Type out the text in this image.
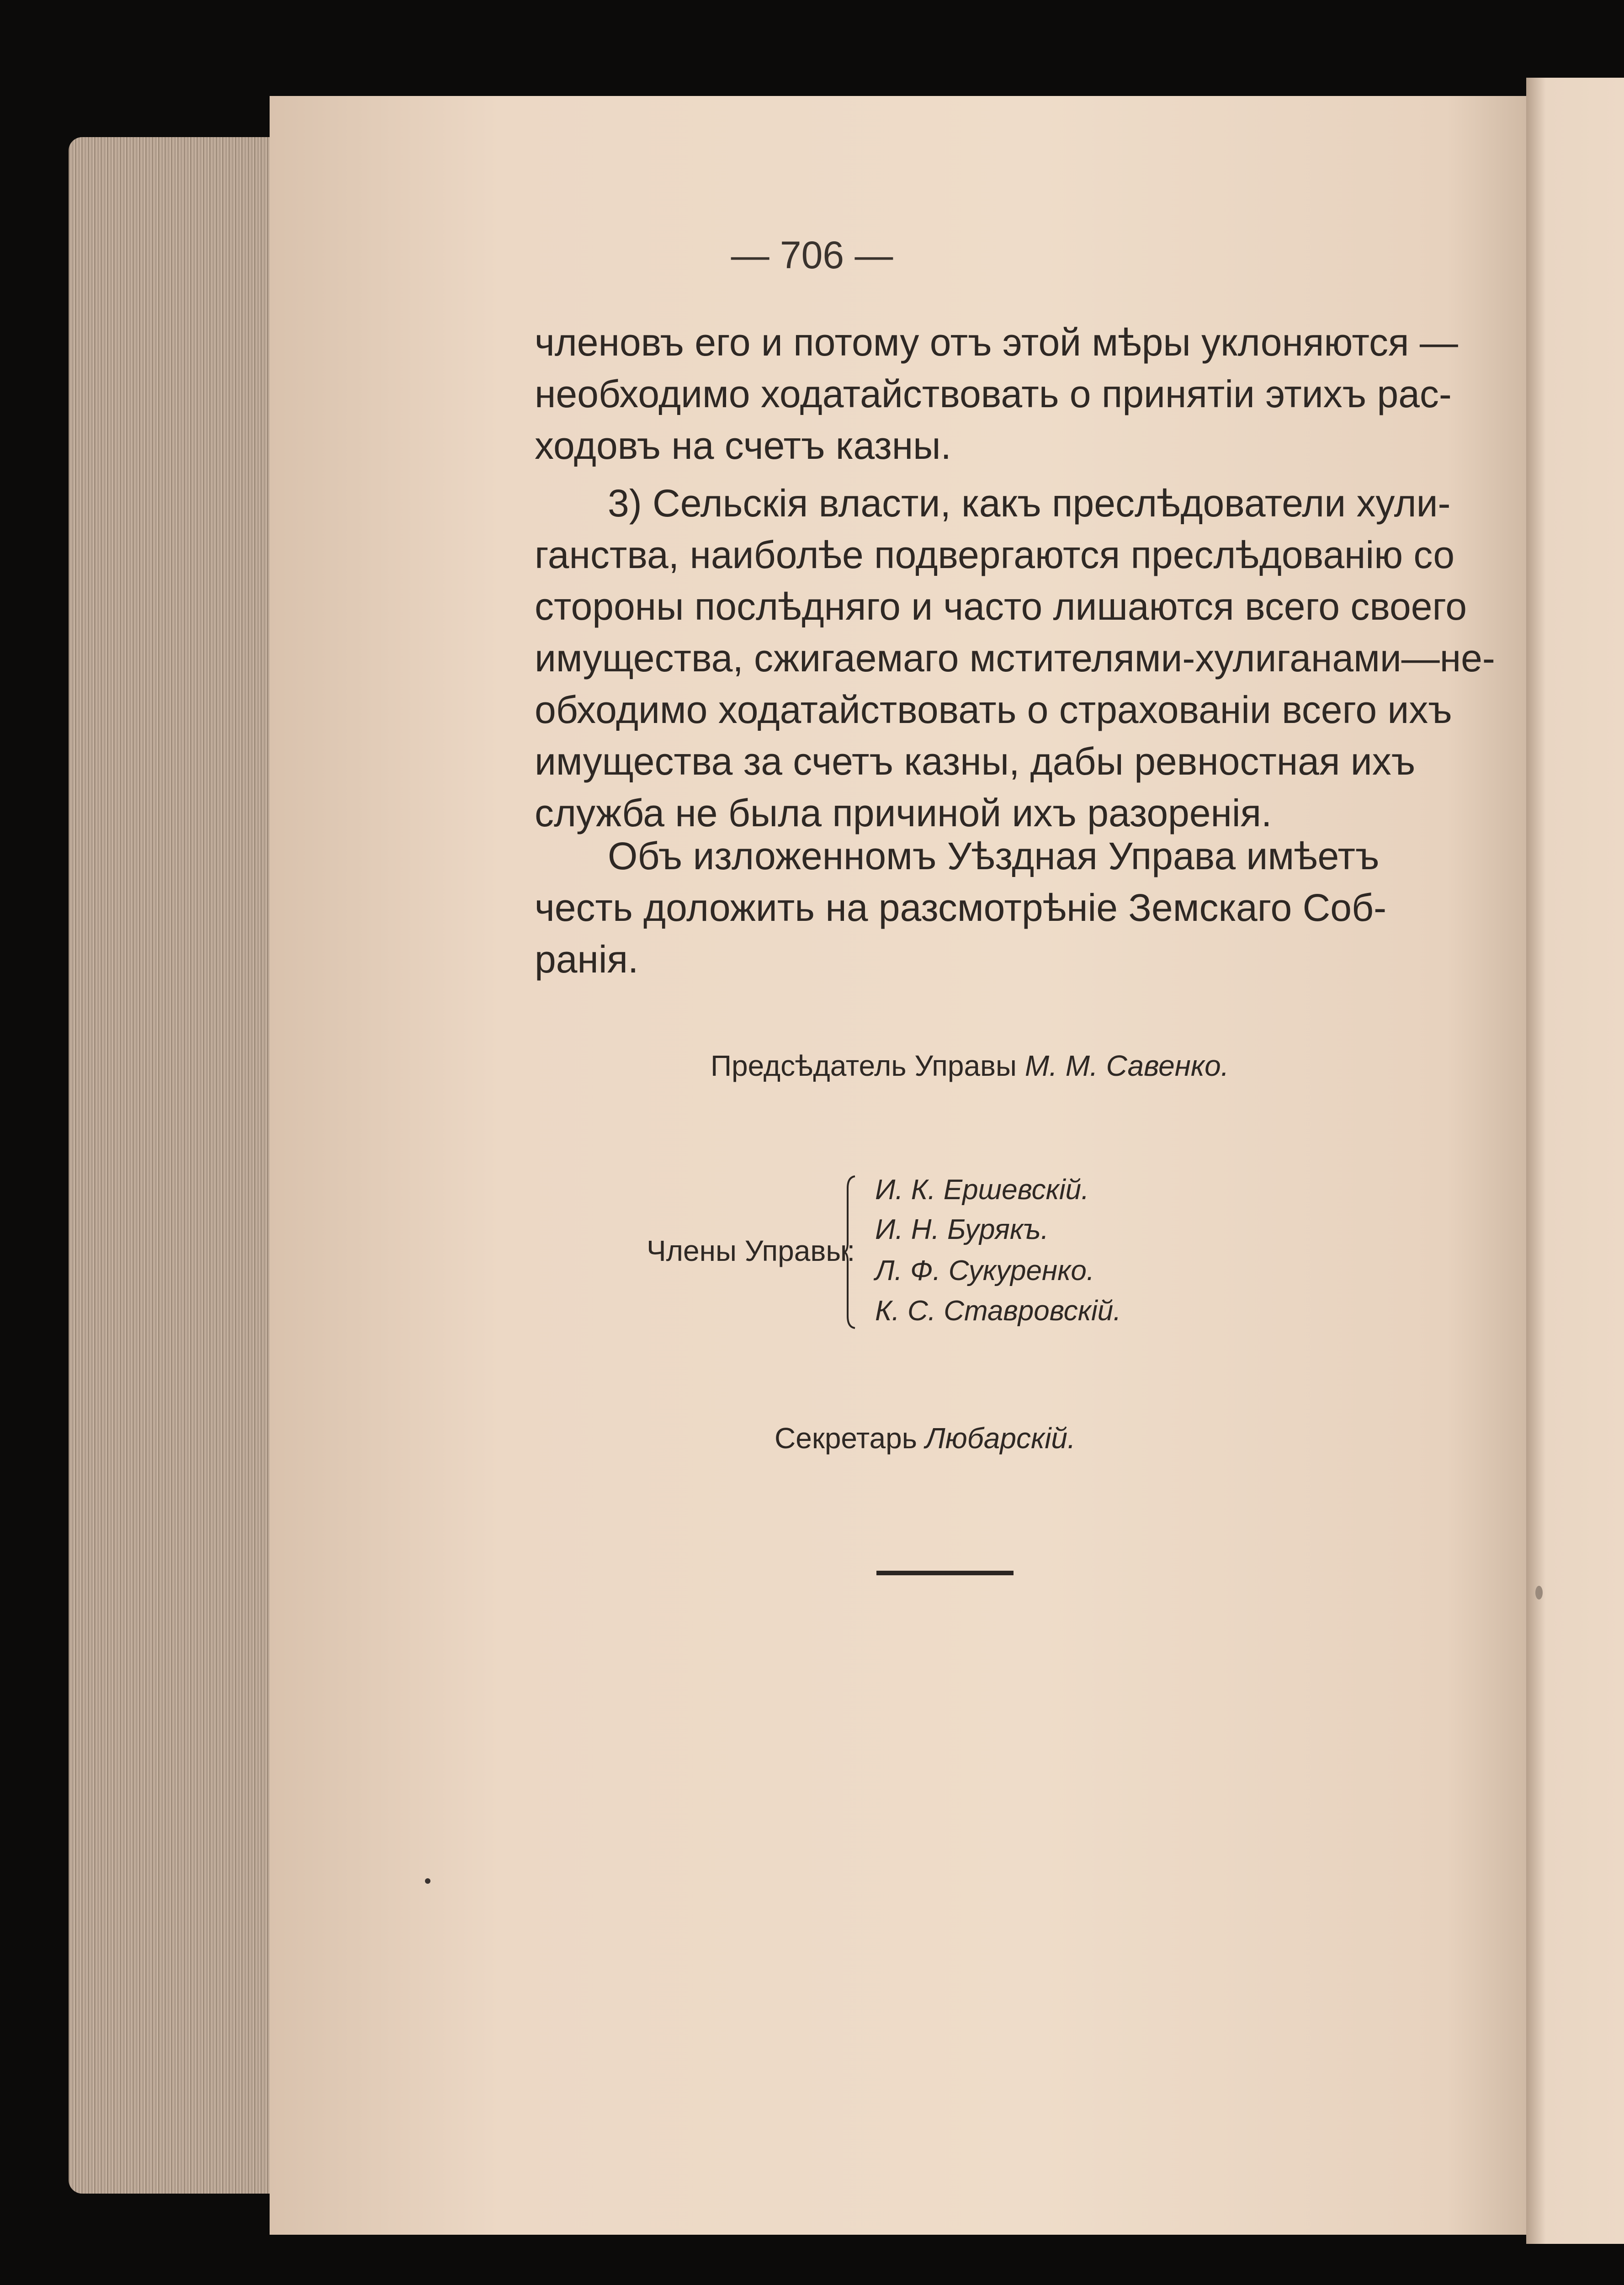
— 706 —
членовъ его и потому отъ этой мѣры уклоняются —
необходимо ходатайствовать о принятіи этихъ рас-
ходовъ на счетъ казны.
3) Сельскія власти, какъ преслѣдователи хули-
ганства, наиболѣе подвергаются преслѣдованію со
стороны послѣдняго и часто лишаются всего своего
имущества, сжигаемаго мстителями-хулиганами—не-
обходимо ходатайствовать о страхованіи всего ихъ
имущества за счетъ казны, дабы ревностная ихъ
служба не была причиной ихъ разоренія.
Объ изложенномъ Уѣздная Управа имѣетъ
честь доложить на разсмотрѣніе Земскаго Соб-
ранія.
Предсѣдатель Управы М. М. Савенко.
Члены Управы:
И. К. Ершевскій.
И. Н. Бурякъ.
Л. Ф. Сукуренко.
К. С. Ставровскій.
Секретарь Любарскій.
